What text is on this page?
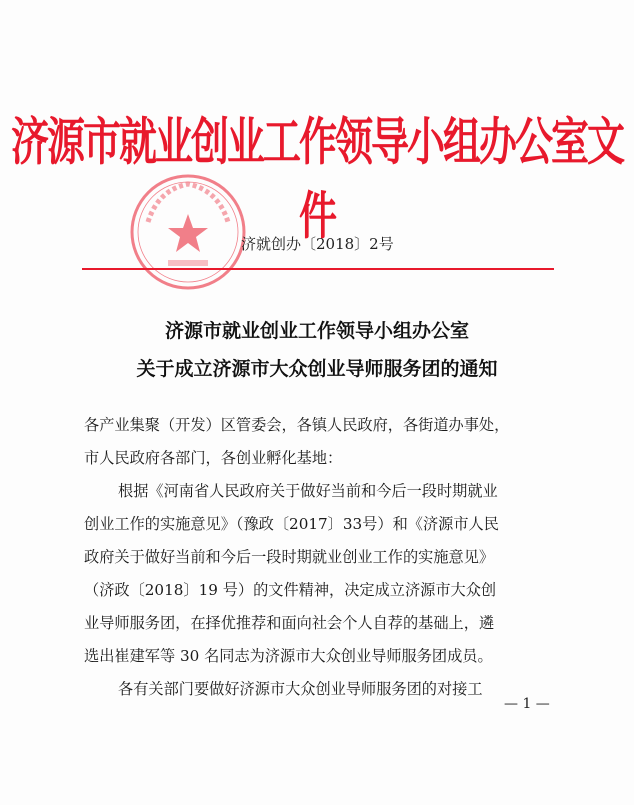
济源市就业创业工作领导小组办公室文件
济就创办〔2018〕2号
济源市就业创业工作领导小组办公室
关于成立济源市大众创业导师服务团的通知
各产业集聚（开发）区管委会，各镇人民政府，各街道办事处，
市人民政府各部门，各创业孵化基地：
根据《河南省人民政府关于做好当前和今后一段时期就业
创业工作的实施意见》（豫政〔2017〕33号）和《济源市人民
政府关于做好当前和今后一段时期就业创业工作的实施意见》
（济政〔2018〕19 号）的文件精神，决定成立济源市大众创
业导师服务团，在择优推荐和面向社会个人自荐的基础上，遴
选出崔建军等 30 名同志为济源市大众创业导师服务团成员。
各有关部门要做好济源市大众创业导师服务团的对接工
— 1 —
